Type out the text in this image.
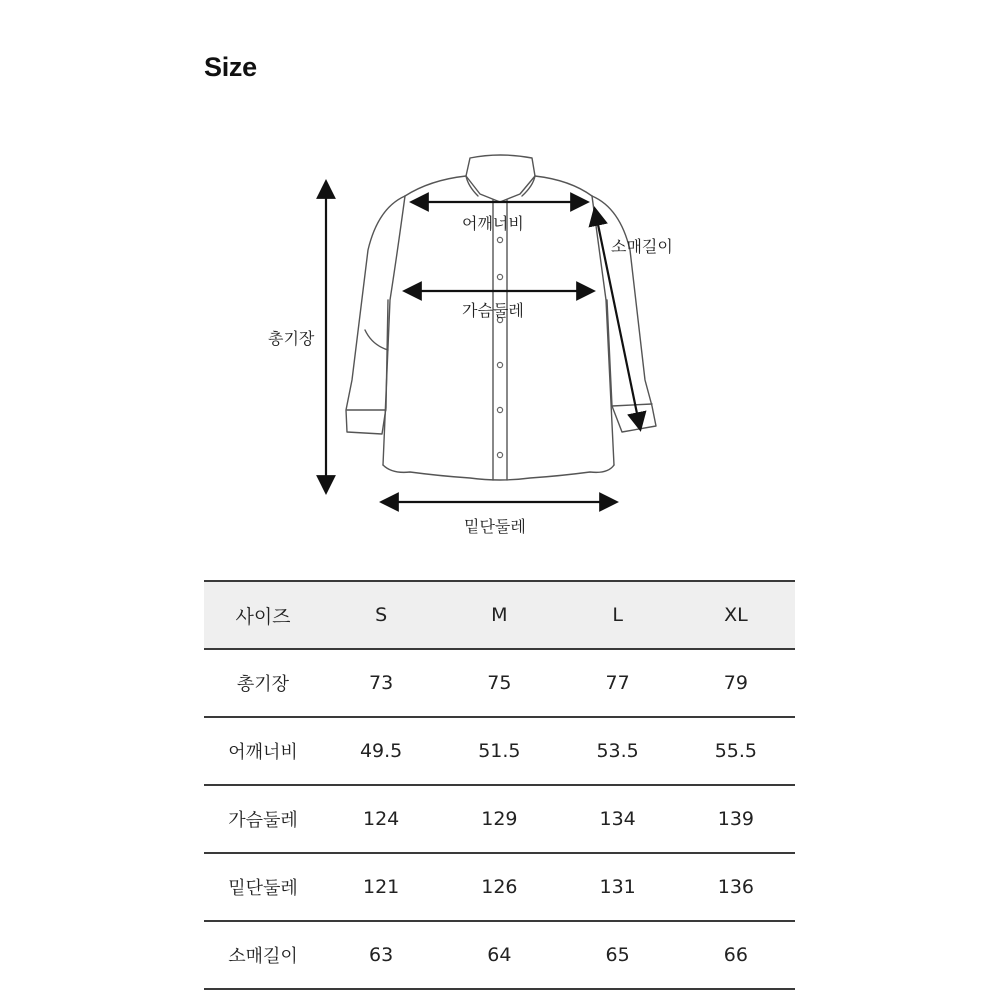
Size
총기장
어깨너비
소매길이
가슴둘레
밑단둘레
사이즈	S	M	L	XL
총기장	73	75	77	79
어깨너비	49.5	51.5	53.5	55.5
가슴둘레	124	129	134	139
밑단둘레	121	126	131	136
소매길이	63	64	65	66
